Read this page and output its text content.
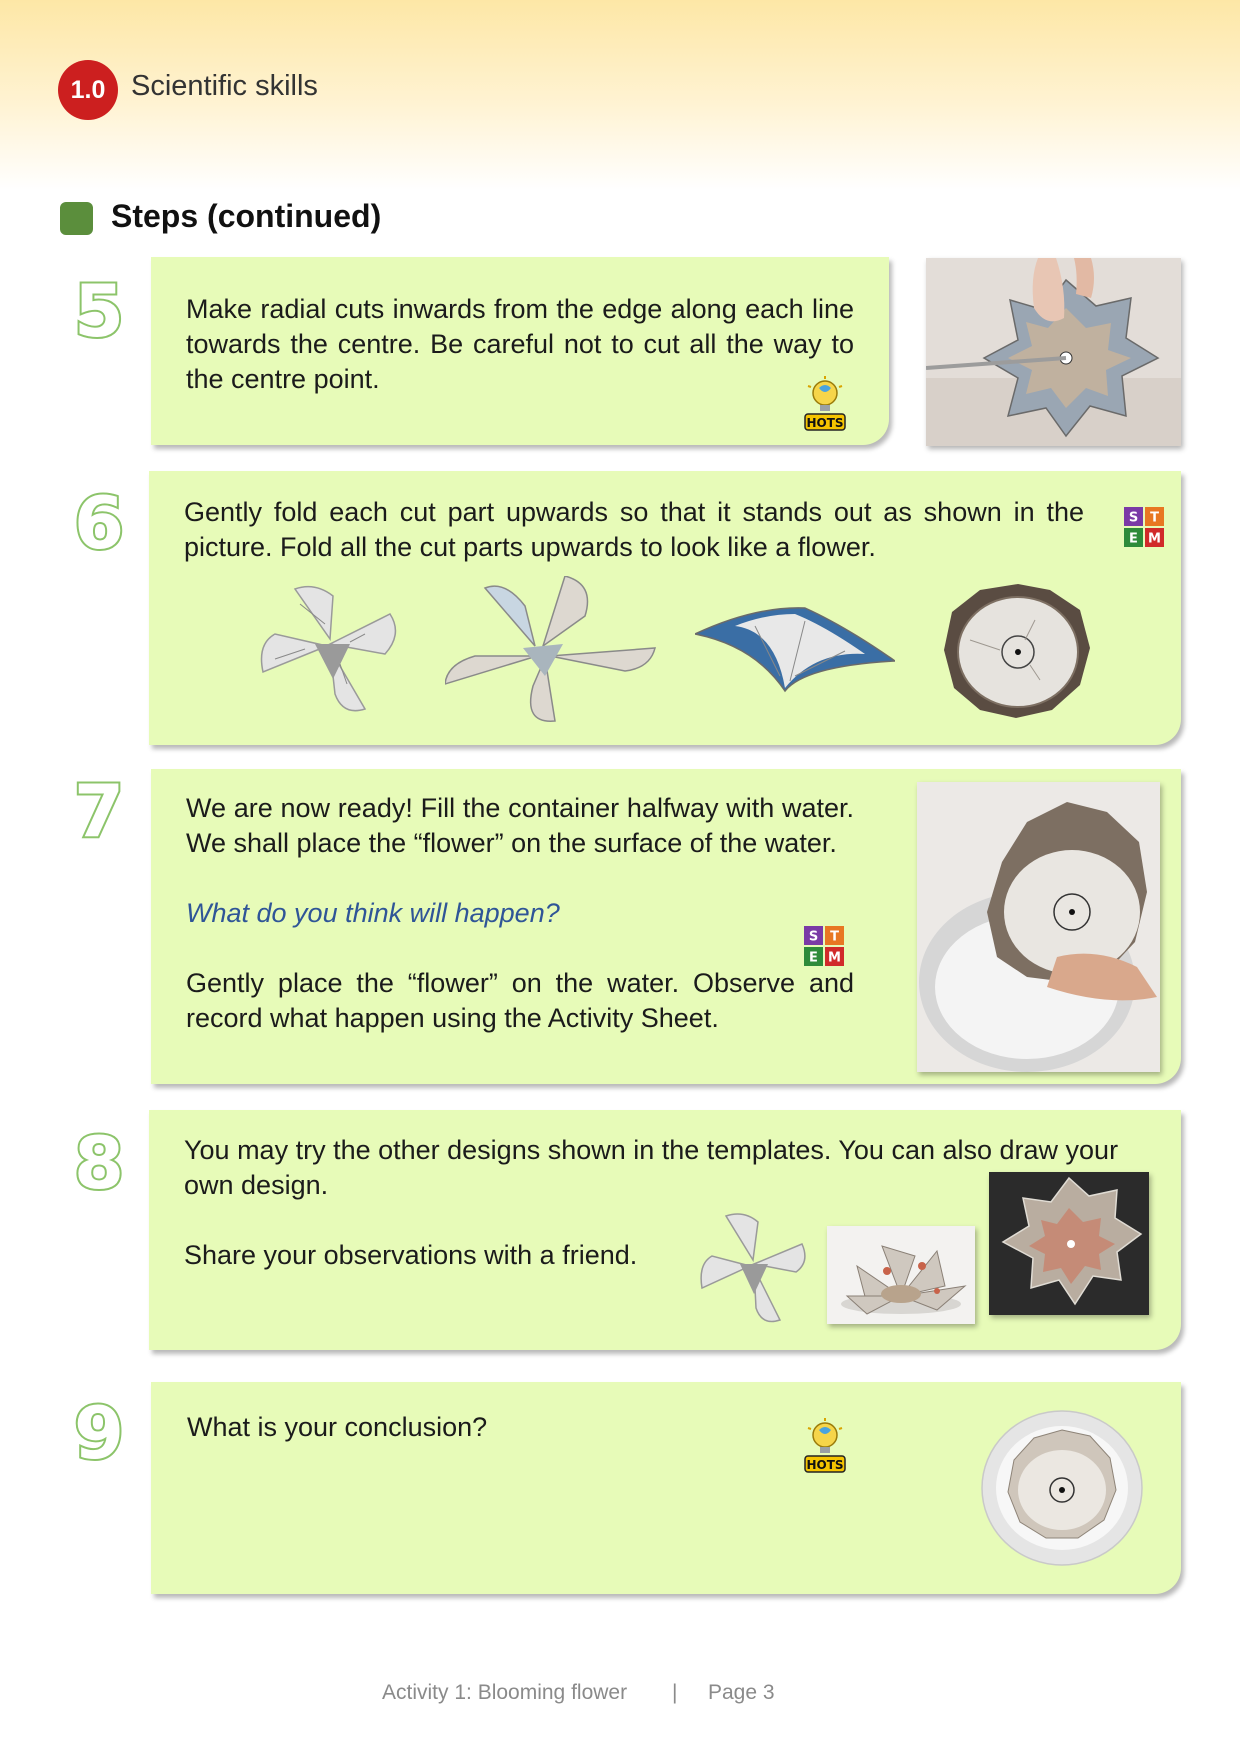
1.0 Scientific skills
Steps (continued)
5
6
7
8
9

Make radial cuts inwards from the edge along each line towards the centre. Be careful not to cut all the way to the centre point.

HOTS

Gently fold each cut part upwards so that it stands out as shown in the picture. Fold all the cut parts upwards to look like a flower.

S T
E M

We are now ready! Fill the container halfway with water. We shall place the “flower” on the surface of the water.

What do you think will happen?

Gently place the “flower” on the water. Observe and record what happen using the Activity Sheet.

S T
E M

You may try the other designs shown in the templates. You can also draw your own design.

Share your observations with a friend.

What is your conclusion?

HOTS
Activity 1: Blooming flower | Page 3
